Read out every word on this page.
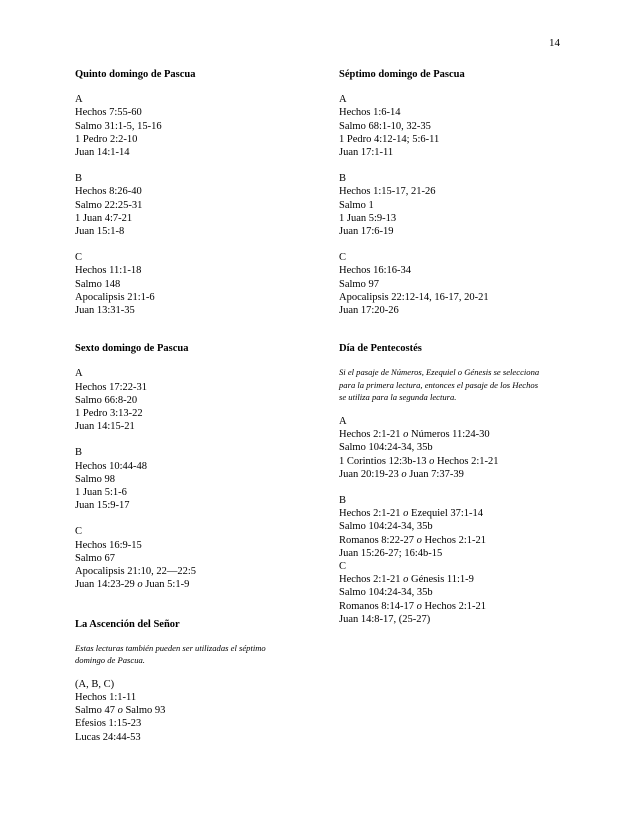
14

Quinto domingo de Pascua

A
Hechos 7:55-60
Salmo 31:1-5, 15-16
1 Pedro 2:2-10
Juan 14:1-14
B
Hechos 8:26-40
Salmo 22:25-31
1 Juan 4:7-21
Juan 15:1-8
C
Hechos 11:1-18
Salmo 148
Apocalipsis 21:1-6
Juan 13:31-35

Sexto domingo de Pascua

A
Hechos 17:22-31
Salmo 66:8-20
1 Pedro 3:13-22
Juan 14:15-21
B
Hechos 10:44-48
Salmo 98
1 Juan 5:1-6
Juan 15:9-17
C
Hechos 16:9-15
Salmo 67
Apocalipsis 21:10, 22—22:5
Juan 14:23-29 o Juan 5:1-9

La Ascención del Señor

Estas lecturas también pueden ser utilizadas el séptimo
domingo de Pascua.

(A, B, C)
Hechos 1:1-11
Salmo 47 o Salmo 93
Efesios 1:15-23
Lucas 24:44-53

Séptimo domingo de Pascua

A
Hechos 1:6-14
Salmo 68:1-10, 32-35
1 Pedro 4:12-14; 5:6-11
Juan 17:1-11
B
Hechos 1:15-17, 21-26
Salmo 1
1 Juan 5:9-13
Juan 17:6-19
C
Hechos 16:16-34
Salmo 97
Apocalipsis 22:12-14, 16-17, 20-21
Juan 17:20-26

Día de Pentecostés

Si el pasaje de Números, Ezequiel o Génesis se selecciona
para la primera lectura, entonces el pasaje de los Hechos
se utiliza para la segunda lectura.

A
Hechos 2:1-21 o Números 11:24-30
Salmo 104:24-34, 35b
1 Corintios 12:3b-13 o Hechos 2:1-21
Juan 20:19-23 o Juan 7:37-39
B
Hechos 2:1-21 o Ezequiel 37:1-14
Salmo 104:24-34, 35b
Romanos 8:22-27 o Hechos 2:1-21
Juan 15:26-27; 16:4b-15
C
Hechos 2:1-21 o Génesis 11:1-9
Salmo 104:24-34, 35b
Romanos 8:14-17 o Hechos 2:1-21
Juan 14:8-17, (25-27)
